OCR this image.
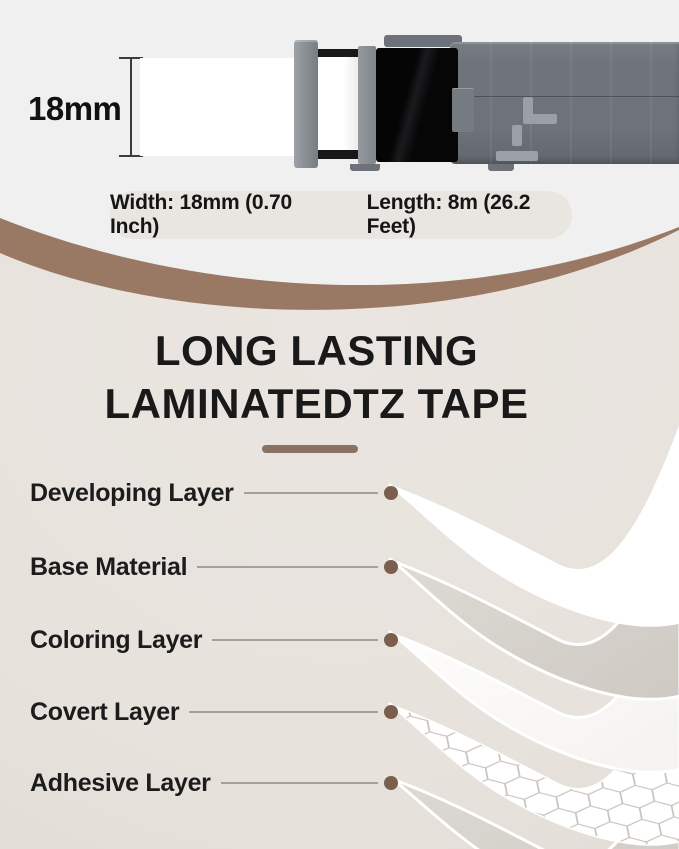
18mm
Width: 18mm (0.70 Inch)
Length: 8m (26.2 Feet)
LONG LASTING
LAMINATEDTZ TAPE
Developing Layer
Base Material
Coloring Layer
Covert Layer
Adhesive Layer
